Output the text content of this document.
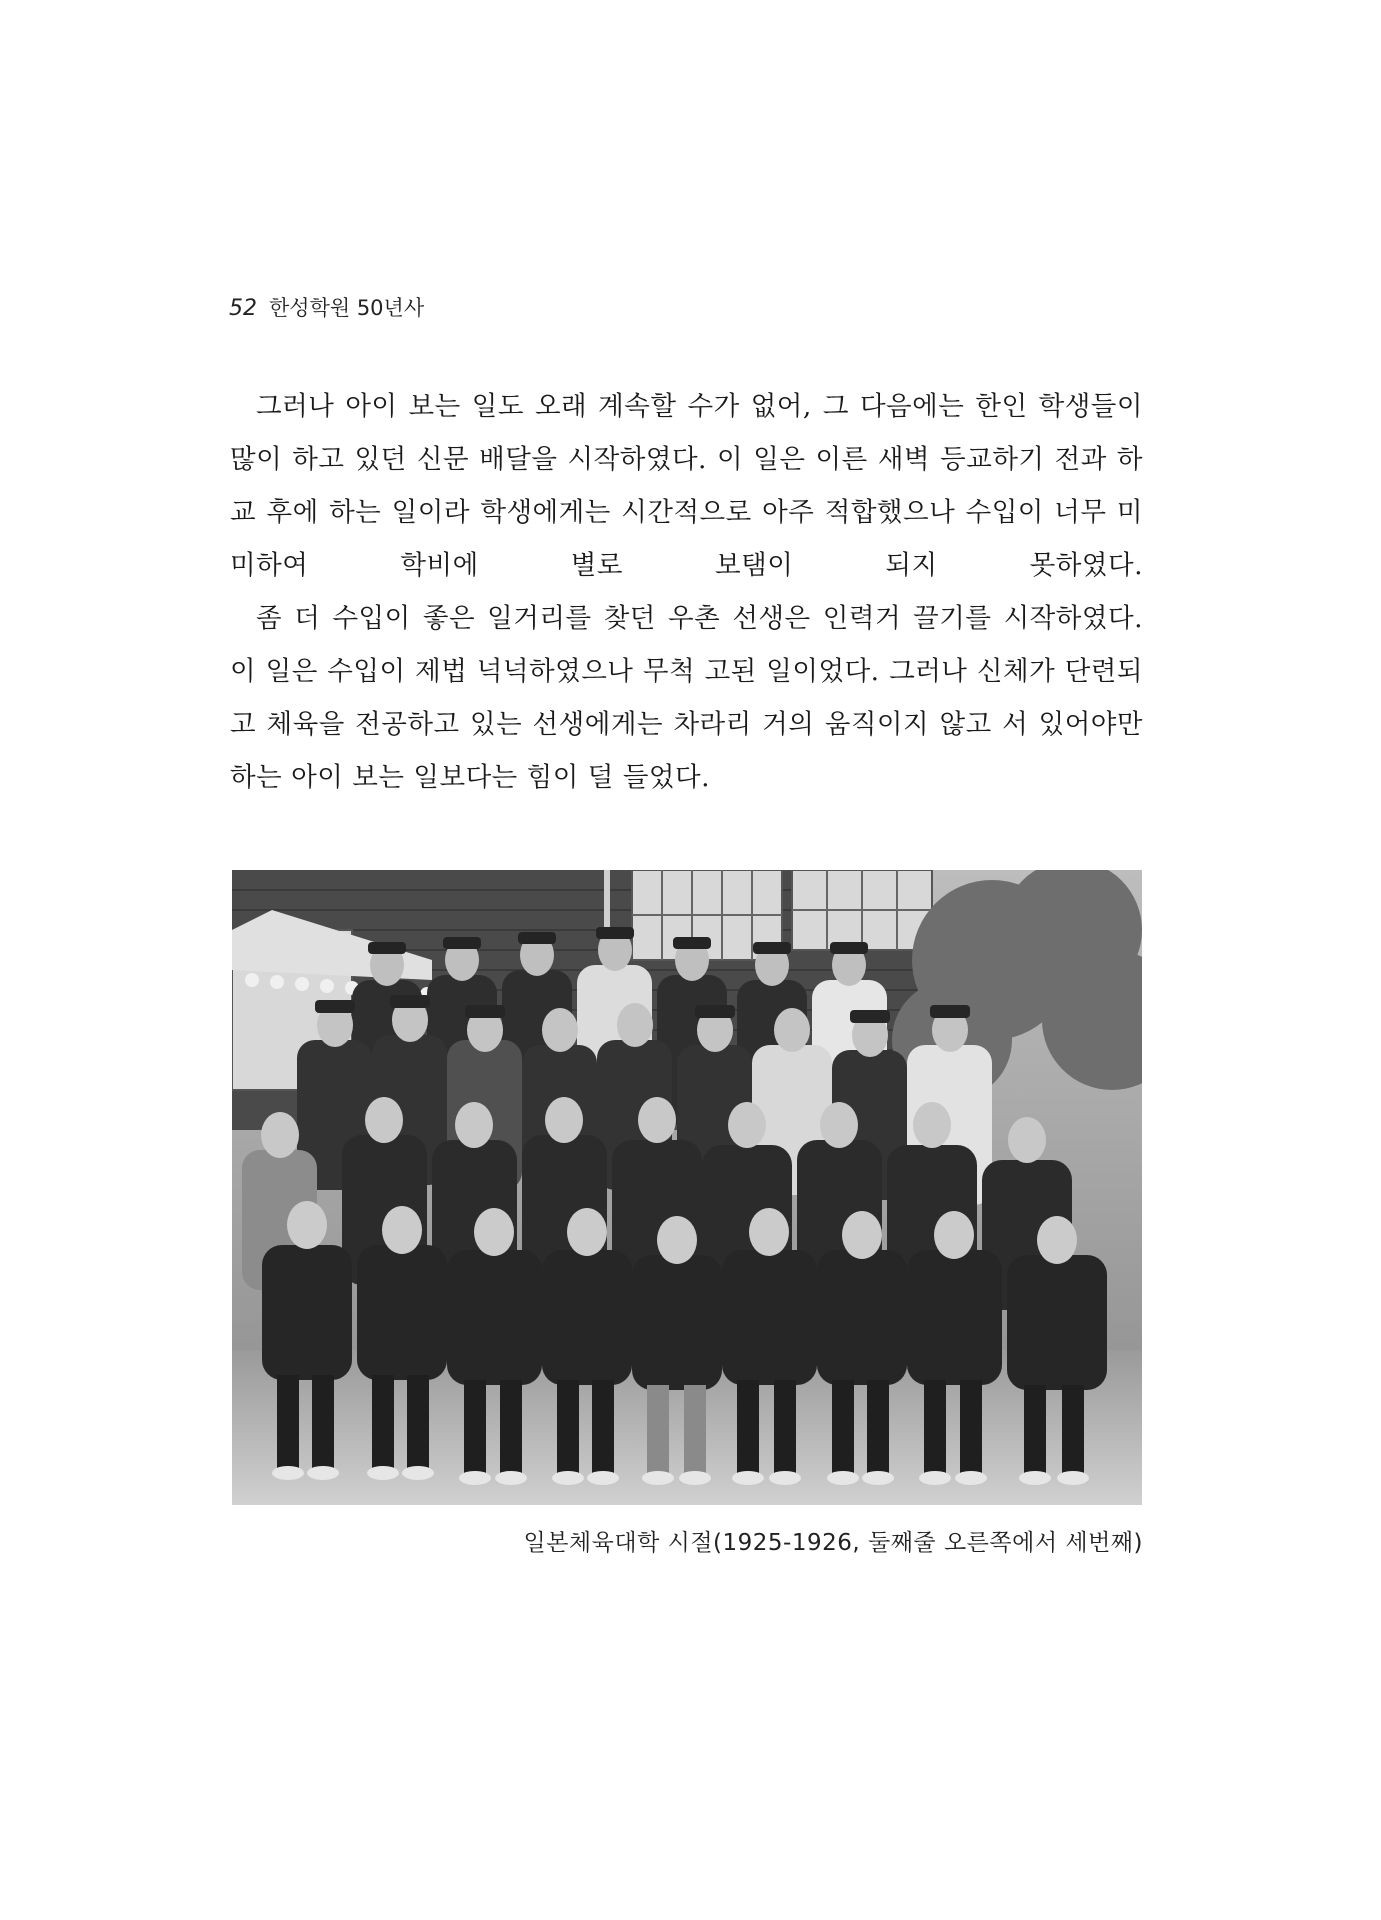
52 한성학원 50년사

그러나 아이 보는 일도 오래 계속할 수가 없어, 그 다음에는 한인 학생들이 많이 하고 있던 신문 배달을 시작하였다. 이 일은 이른 새벽 등교하기 전과 하교 후에 하는 일이라 학생에게는 시간적으로 아주 적합했으나 수입이 너무 미미하여 학비에 별로 보탬이 되지 못하였다.

좀 더 수입이 좋은 일거리를 찾던 우촌 선생은 인력거 끌기를 시작하였다. 이 일은 수입이 제법 넉넉하였으나 무척 고된 일이었다. 그러나 신체가 단련되고 체육을 전공하고 있는 선생에게는 차라리 거의 움직이지 않고 서 있어야만 하는 아이 보는 일보다는 힘이 덜 들었다.

일본체육대학 시절(1925-1926, 둘째줄 오른쪽에서 세번째)
